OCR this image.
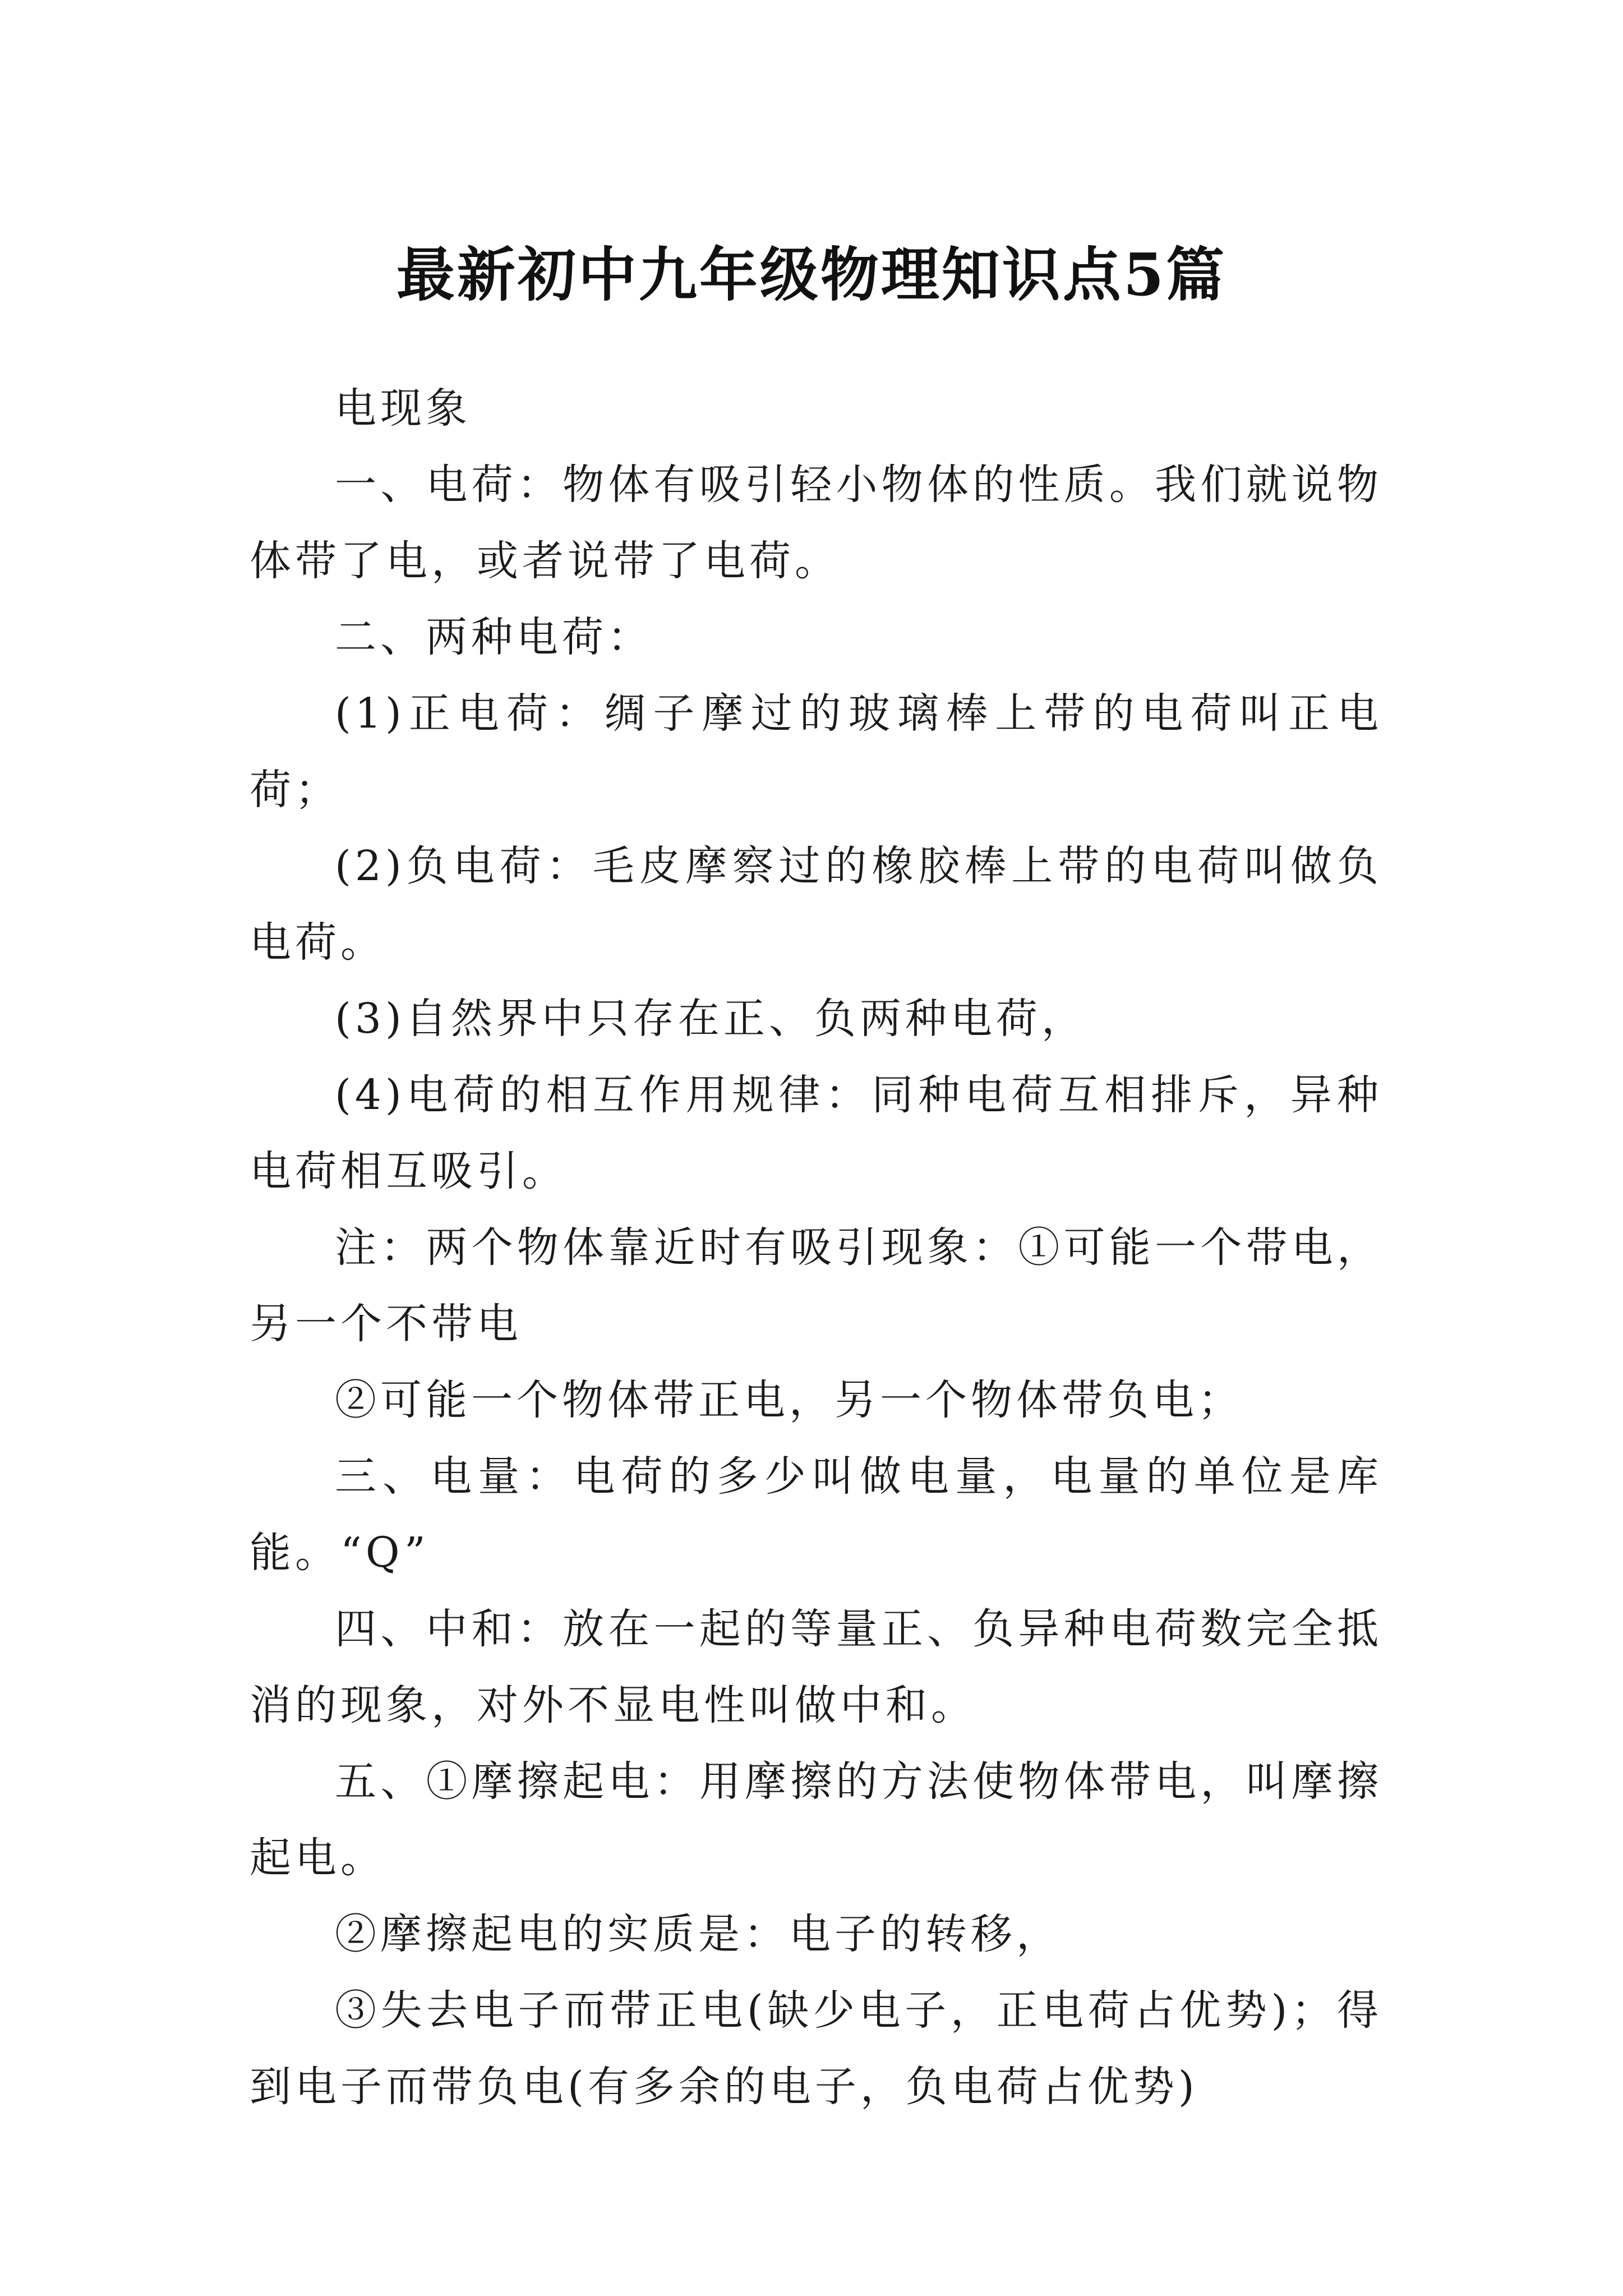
最新初中九年级物理知识点5篇

电现象

一、电荷：物体有吸引轻小物体的性质。我们就说物体带了电，或者说带了电荷。

二、两种电荷：

(1)正电荷：绸子摩过的玻璃棒上带的电荷叫正电荷；

(2)负电荷：毛皮摩察过的橡胶棒上带的电荷叫做负电荷。

(3)自然界中只存在正、负两种电荷，

(4)电荷的相互作用规律：同种电荷互相排斥，异种电荷相互吸引。

注：两个物体靠近时有吸引现象：①可能一个带电，另一个不带电

②可能一个物体带正电，另一个物体带负电；

三、电量：电荷的多少叫做电量，电量的单位是库能。“Q”

四、中和：放在一起的等量正、负异种电荷数完全抵消的现象，对外不显电性叫做中和。

五、①摩擦起电：用摩擦的方法使物体带电，叫摩擦起电。

②摩擦起电的实质是：电子的转移，

③失去电子而带正电(缺少电子，正电荷占优势)；得到电子而带负电(有多余的电子，负电荷占优势)
